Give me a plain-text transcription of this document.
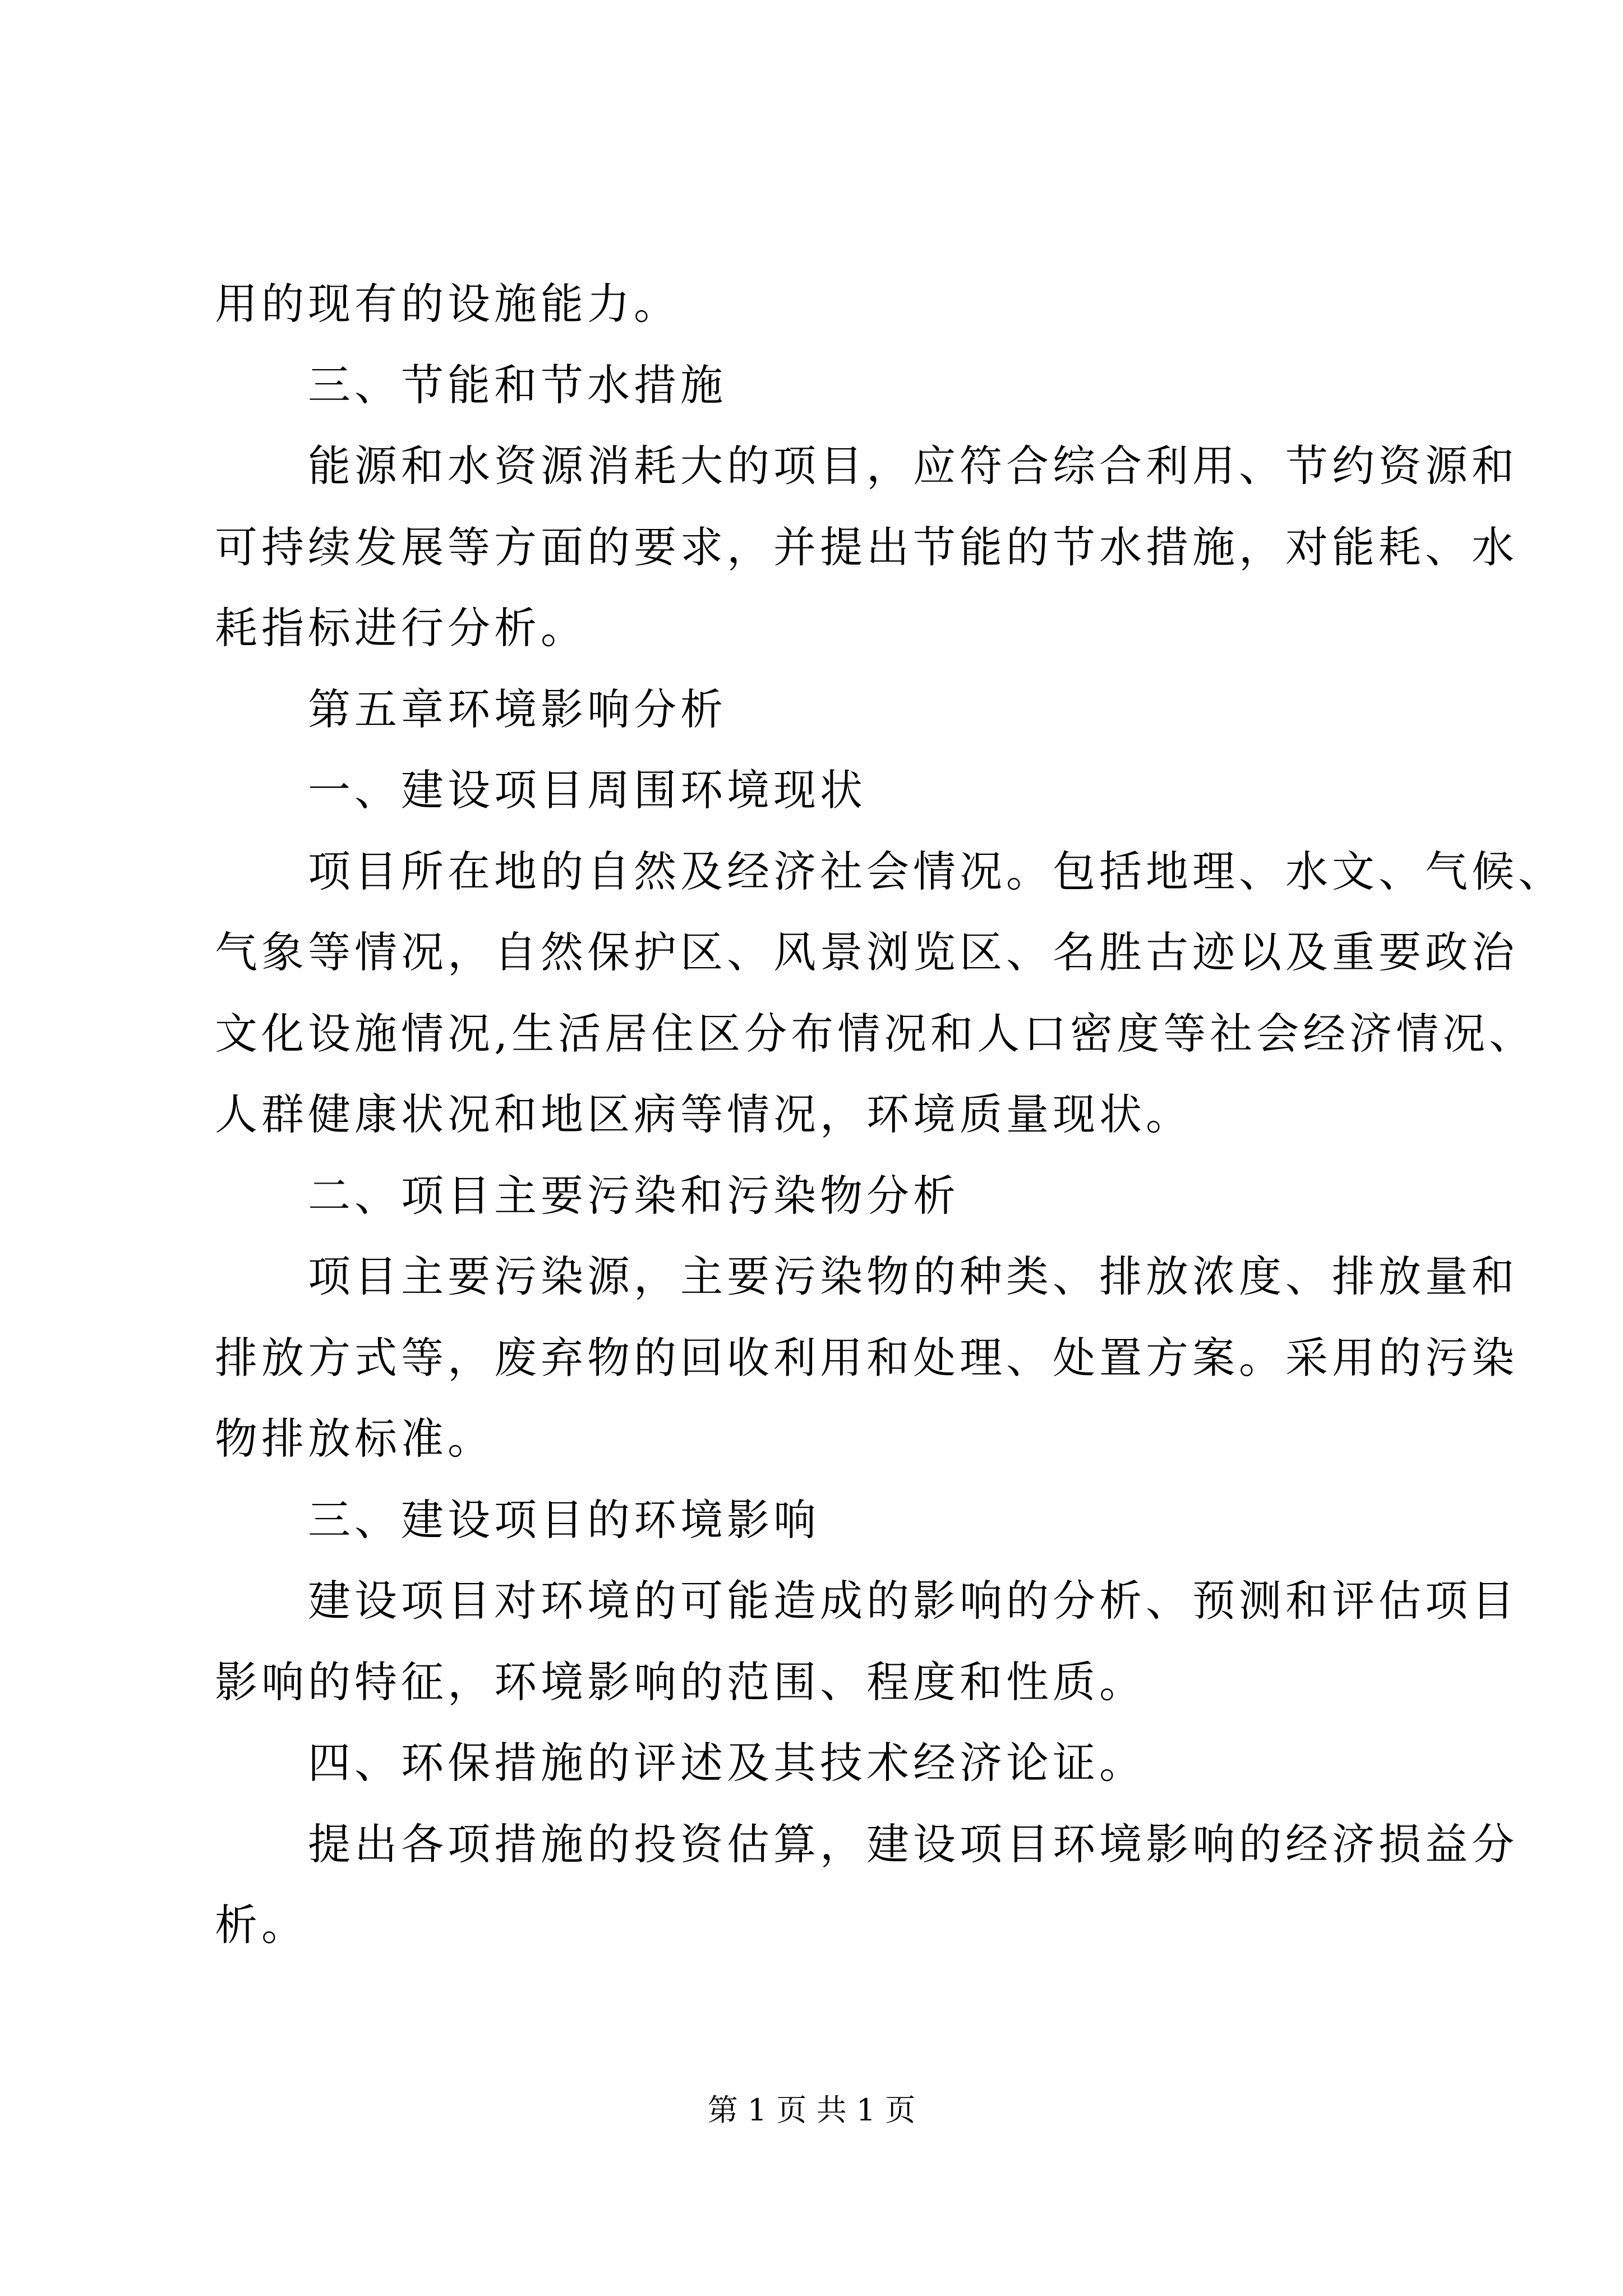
用的现有的设施能力。
三、节能和节水措施
能源和水资源消耗大的项目，应符合综合利用、节约资源和
可持续发展等方面的要求，并提出节能的节水措施，对能耗、水
耗指标进行分析。
第五章环境影响分析
一、建设项目周围环境现状
项目所在地的自然及经济社会情况。包括地理、水文、气候、
气象等情况，自然保护区、风景浏览区、名胜古迹以及重要政治
文化设施情况,生活居住区分布情况和人口密度等社会经济情况、
人群健康状况和地区病等情况，环境质量现状。
二、项目主要污染和污染物分析
项目主要污染源，主要污染物的种类、排放浓度、排放量和
排放方式等，废弃物的回收利用和处理、处置方案。采用的污染
物排放标准。
三、建设项目的环境影响
建设项目对环境的可能造成的影响的分析、预测和评估项目
影响的特征，环境影响的范围、程度和性质。
四、环保措施的评述及其技术经济论证。
提出各项措施的投资估算，建设项目环境影响的经济损益分
析。
第 1 页 共 1 页
